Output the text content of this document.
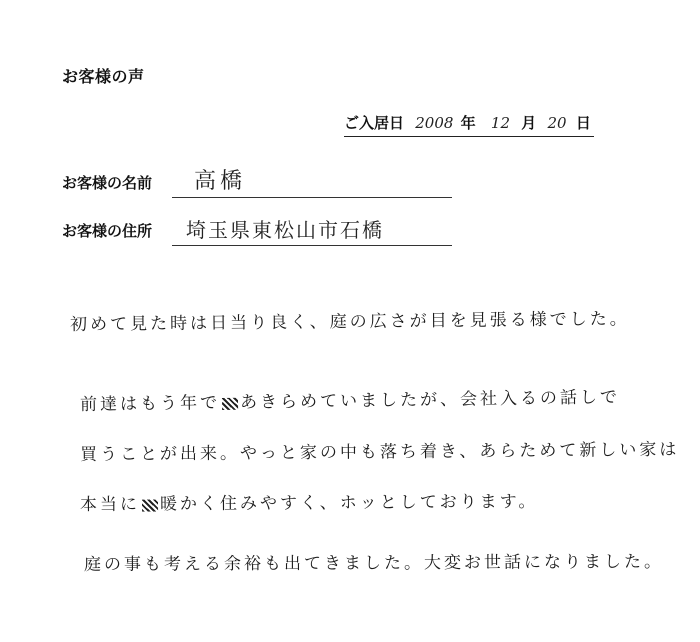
お客様の声
ご入居日 2008 年 12 月 20 日
お客様の名前 高橋
お客様の住所 埼玉県東松山市石橋
初めて見た時は日当り良く、庭の広さが目を見張る様でした。
前達はもう年で あきらめていましたが、会社入るの話しで
買うことが出来。やっと家の中も落ち着き、あらためて新しい家は
本当に 暖かく住みやすく、ホッとしております。
庭の事も考える余裕も出てきました。大変お世話になりました。
